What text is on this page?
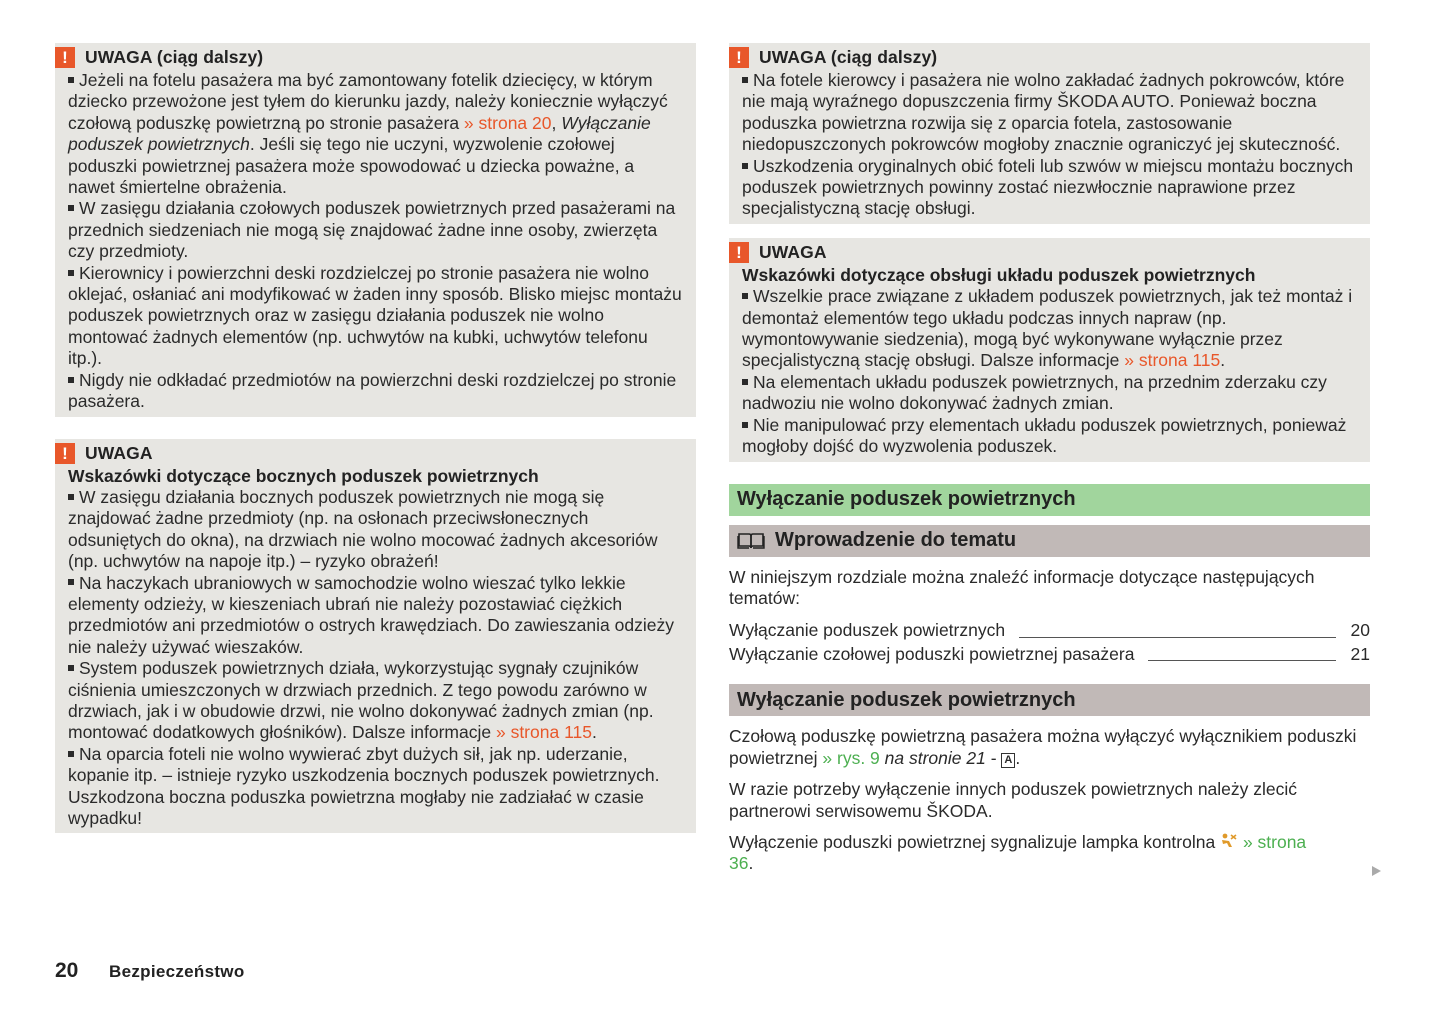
! UWAGA (ciąg dalszy)

Jeżeli na fotelu pasażera ma być zamontowany fotelik dziecięcy, w którym dziecko przewożone jest tyłem do kierunku jazdy, należy koniecznie wyłączyć czołową poduszkę powietrzną po stronie pasażera » strona 20, Wyłączanie poduszek powietrznych. Jeśli się tego nie uczyni, wyzwolenie czołowej poduszki powietrznej pasażera może spowodować u dziecka poważne, a nawet śmiertelne obrażenia.

W zasięgu działania czołowych poduszek powietrznych przed pasażerami na przednich siedzeniach nie mogą się znajdować żadne inne osoby, zwierzęta czy przedmioty.

Kierownicy i powierzchni deski rozdzielczej po stronie pasażera nie wolno oklejać, osłaniać ani modyfikować w żaden inny sposób. Blisko miejsc montażu poduszek powietrznych oraz w zasięgu działania poduszek nie wolno montować żadnych elementów (np. uchwytów na kubki, uchwytów telefonu itp.).

Nigdy nie odkładać przedmiotów na powierzchni deski rozdzielczej po stronie pasażera.

! UWAGA
Wskazówki dotyczące bocznych poduszek powietrznych

W zasięgu działania bocznych poduszek powietrznych nie mogą się znajdować żadne przedmioty (np. na osłonach przeciwsłonecznych odsuniętych do okna), na drzwiach nie wolno mocować żadnych akcesoriów (np. uchwytów na napoje itp.) – ryzyko obrażeń!

Na haczykach ubraniowych w samochodzie wolno wieszać tylko lekkie elementy odzieży, w kieszeniach ubrań nie należy pozostawiać ciężkich przedmiotów ani przedmiotów o ostrych krawędziach. Do zawieszania odzieży nie należy używać wieszaków.

System poduszek powietrznych działa, wykorzystując sygnały czujników ciśnienia umieszczonych w drzwiach przednich. Z tego powodu zarówno w drzwiach, jak i w obudowie drzwi, nie wolno dokonywać żadnych zmian (np. montować dodatkowych głośników). Dalsze informacje » strona 115.

Na oparcia foteli nie wolno wywierać zbyt dużych sił, jak np. uderzanie, kopanie itp. – istnieje ryzyko uszkodzenia bocznych poduszek powietrznych. Uszkodzona boczna poduszka powietrzna mogłaby nie zadziałać w czasie wypadku!

! UWAGA (ciąg dalszy)

Na fotele kierowcy i pasażera nie wolno zakładać żadnych pokrowców, które nie mają wyraźnego dopuszczenia firmy ŠKODA AUTO. Ponieważ boczna poduszka powietrzna rozwija się z oparcia fotela, zastosowanie niedopuszczonych pokrowców mogłoby znacznie ograniczyć jej skuteczność.

Uszkodzenia oryginalnych obić foteli lub szwów w miejscu montażu bocznych poduszek powietrznych powinny zostać niezwłocznie naprawione przez specjalistyczną stację obsługi.

! UWAGA
Wskazówki dotyczące obsługi układu poduszek powietrznych

Wszelkie prace związane z układem poduszek powietrznych, jak też montaż i demontaż elementów tego układu podczas innych napraw (np. wymontowywanie siedzenia), mogą być wykonywane wyłącznie przez specjalistyczną stację obsługi. Dalsze informacje » strona 115.

Na elementach układu poduszek powietrznych, na przednim zderzaku czy nadwoziu nie wolno dokonywać żadnych zmian.

Nie manipulować przy elementach układu poduszek powietrznych, ponieważ mogłoby dojść do wyzwolenia poduszek.

Wyłączanie poduszek powietrznych
Wprowadzenie do tematu

W niniejszym rozdziale można znaleźć informacje dotyczące następujących tematów:

Wyłączanie poduszek powietrznych	20
Wyłączanie czołowej poduszki powietrznej pasażera	21
Wyłączanie poduszek powietrznych

Czołową poduszkę powietrzną pasażera można wyłączyć wyłącznikiem poduszki powietrznej » rys. 9 na stronie 21 - A .

W razie potrzeby wyłączenie innych poduszek powietrznych należy zlecić partnerowi serwisowemu ŠKODA.

Wyłączenie poduszki powietrznej sygnalizuje lampka kontrolna  » strona 36.

20	Bezpieczeństwo
